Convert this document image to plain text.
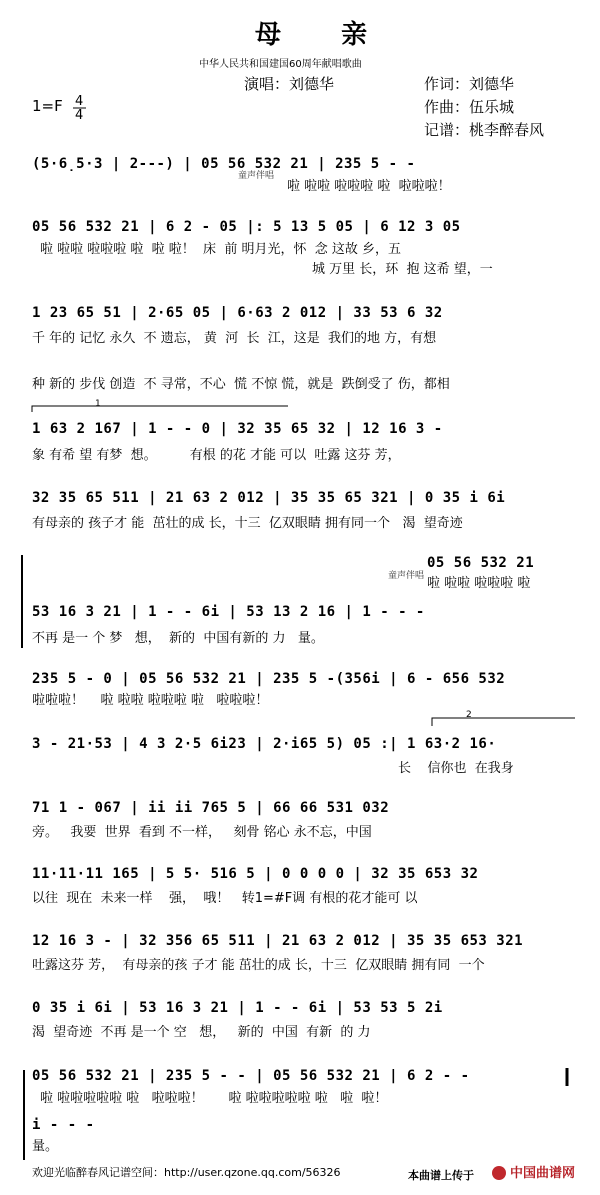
母  亲
中华人民共和国建国60周年献唱歌曲
演唱：刘德华	作词：刘德华
作曲：伍乐城
记谱：桃李醉春风
1=F 4
4
(5·6̣5·3 | 2---) | 05 56 532 21 | 235 5 - -
童声伴唱
啦 啦啦 啦啦啦 啦  啦啦啦！
05 56 532 21 | 6 2 - 05 |: 5 13 5 05 | 6 12 3 05
啦 啦啦 啦啦啦 啦  啦 啦！  床  前 明月光，怀  念 这故 乡，五
城 万里 长，环  抱 这希 望，一
1 23 65 51 | 2·65 05 | 6·63 2 012 | 33 53 6 32
千 年的 记忆 永久  不 遗忘， 黄  河  长  江，这是  我们的地 方，有想
种 新的 步伐 创造  不 寻常，不心  慌 不惊 慌，就是  跌倒受了 伤，都相
1 63 2 167 | 1 - - 0 | 32 35 65 32 | 12 16 3 -
象 有希 望 有梦  想。        有根 的花 才能 可以  吐露 这芬 芳，
32 35 65 511 | 21 63 2 012 | 35 35 65 321 | 0 35 i 6i
有母亲的 孩子才 能  茁壮的成 长，十三  亿双眼睛 拥有同一个   渴  望奇迹
童声伴唱
05 56 532 21
啦 啦啦 啦啦啦 啦
53 16 3 21 | 1 - - 6i | 53 13 2 16 | 1 - - -
不再 是一 个 梦   想，  新的  中国有新的 力   量。
235 5 - 0 | 05 56 532 21 | 235 5 -(356i | 6 - 656 532
啦啦啦！    啦 啦啦 啦啦啦 啦   啦啦啦！
3 - 21·53 | 4 3 2·5 6i23 | 2·i65 5) 05 :| 1 63·2 16·
长    信你也  在我身
71 1 - 067 | ii ii 765 5 | 66 66 531 032
旁。   我要  世界  看到 不一样，   刻骨 铭心 永不忘，中国
11·11·11 165 | 5 5· 516 5 | 0 0 0 0 | 32 35 653 32
以往  现在  未来一样    强，  哦！   转1=#F调 有根的花才能可 以
12 16 3 - | 32 356 65 511 | 21 63 2 012 | 35 35 653 321
吐露这芬 芳，  有母亲的孩 子才 能 茁壮的成 长，十三  亿双眼睛 拥有同  一个
0 35 i 6i | 53 16 3 21 | 1 - - 6i | 53 53 5 2i
渴  望奇迹  不再 是一个 空   想，   新的  中国  有新  的 力
05 56 532 21 | 235 5 - - | 05 56 532 21 | 6 2 - -
啦 啦啦啦啦啦 啦   啦啦啦！      啦 啦啦啦啦啦 啦   啦  啦！
i - - -
量。
1
2
欢迎光临醉春风记谱空间：http://user.qzone.qq.com/56326	本曲谱上传于	中国曲谱网
